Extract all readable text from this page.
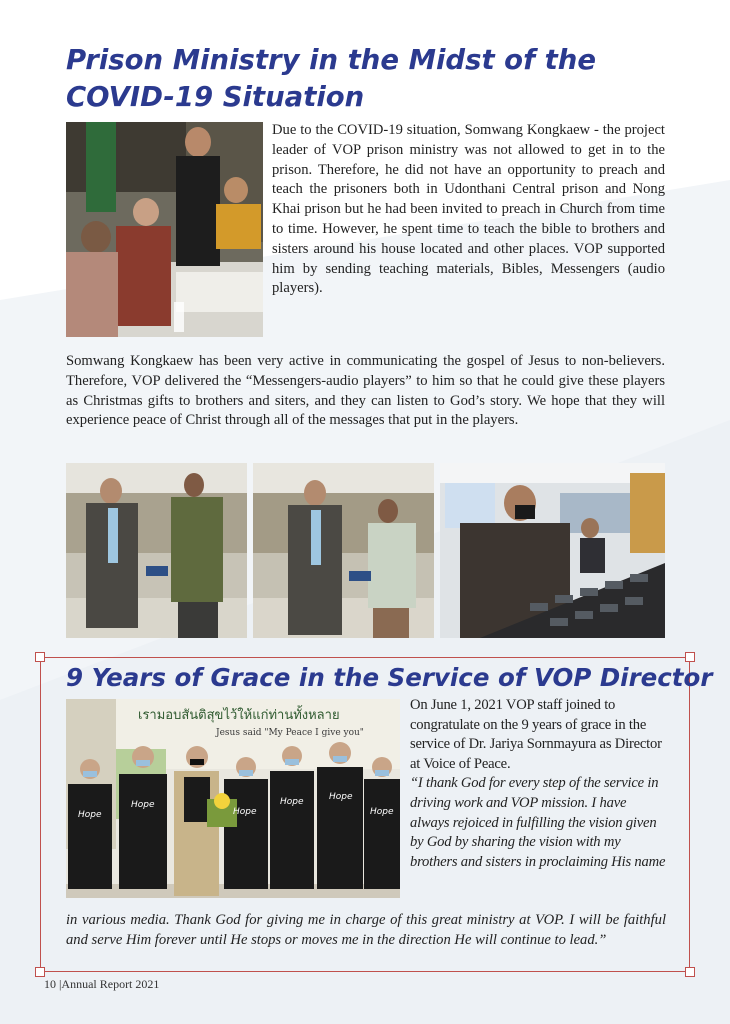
Prison Ministry in the Midst of the COVID-19 Situation

Due to the COVID-19 situation, Somwang Kongkaew - the project leader of VOP prison ministry was not allowed to get in to the prison. Therefore, he did not have an opportunity to preach and teach the prisoners both in Udonthani Central prison and Nong Khai prison but he had been invited to preach in Church from time to time. However, he spent time to teach the bible to brothers and sisters around his house located and other places. VOP supported him by sending teaching materials, Bibles, Messengers (audio players).

Somwang Kongkaew has been very active in communicating the gospel of Jesus to non-believers. Therefore, VOP delivered the “Messengers-audio players” to him so that he could give these players as Christmas gifts to brothers and siters, and they can listen to God’s story. We hope that they will experience peace of Christ through all of the messages that put in the players.

9 Years of Grace in the Service of VOP Director
เรามอบสันติสุขไว้ให้แก่ท่านทั้งหลาย
Jesus said "My Peace I give you"
Hope
Hope
Hope
Hope	Hope
Hope

On June 1, 2021 VOP staff joined to congratulate on the 9 years of grace in the service of Dr. Jariya Sornmayura as Director at Voice of Peace.
“I thank God for every step of the service in driving work and VOP mission. I have always rejoiced in fulfilling the vision given by God by sharing the vision with my brothers and sisters in proclaiming His name

in various media. Thank God for giving me in charge of this great ministry at VOP. I will be faithful and serve Him forever until He stops or moves me in the direction He will continue to lead.”

10 |Annual Report 2021
